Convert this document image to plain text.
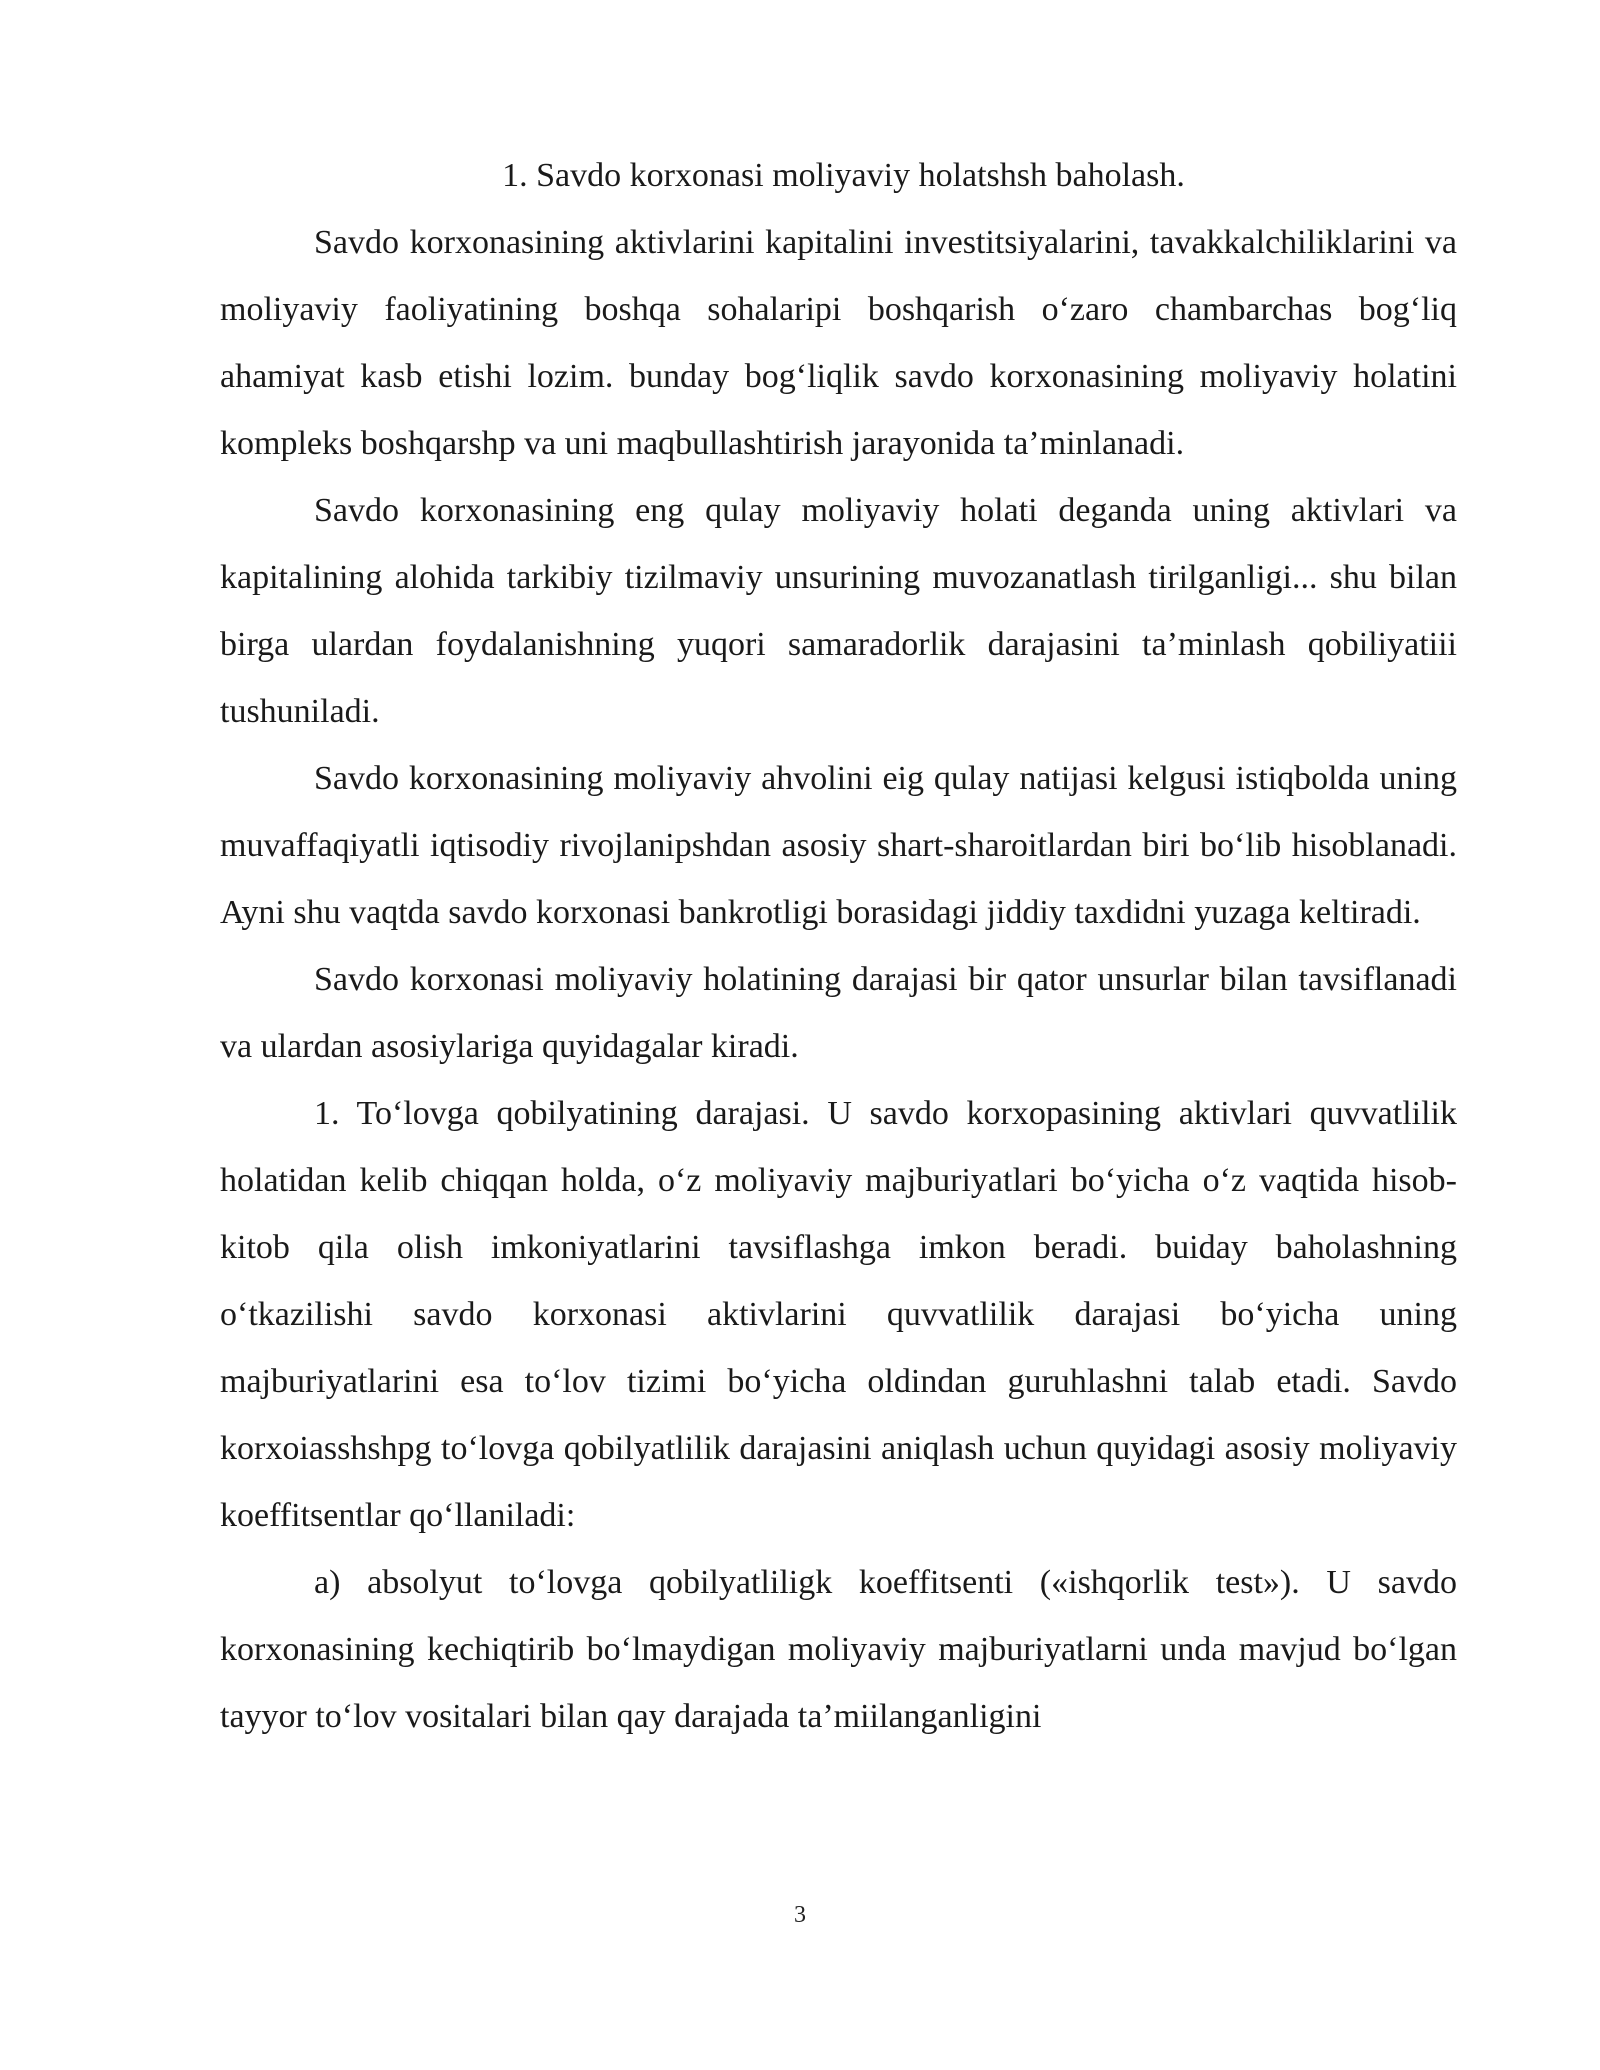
1. Savdo korxonasi moliyaviy holatshsh baholash.

Savdo korxonasining aktivlarini kapitalini investitsiyalarini, tavakkalchiliklarini va moliyaviy faoliyatining boshqa sohalaripi boshqarish o‘zaro chambarchas bog‘liq ahamiyat kasb etishi lozim. bunday bog‘liqlik savdo korxonasining moliyaviy holatini kompleks boshqarshp va uni maqbullashtirish jarayonida ta’minlanadi.

Savdo korxonasining eng qulay moliyaviy holati deganda uning aktivlari va kapitalining alohida tarkibiy tizilmaviy unsurining muvozanatlash tirilganligi... shu bilan birga ulardan foydalanishning yuqori samaradorlik darajasini ta’minlash qobiliyatiii tushuniladi.

Savdo korxonasining moliyaviy ahvolini eig qulay natijasi kelgusi istiqbolda uning muvaffaqiyatli iqtisodiy rivojlanipshdan asosiy shart-sharoitlardan biri bo‘lib hisoblanadi. Ayni shu vaqtda savdo korxonasi bankrotligi borasidagi jiddiy taxdidni yuzaga keltiradi.

Savdo korxonasi moliyaviy holatining darajasi bir qator unsurlar bilan tavsiflanadi va ulardan asosiylariga quyidagalar kiradi.

1. To‘lovga qobilyatining darajasi. U savdo korxopasining aktivlari quvvatlilik holatidan kelib chiqqan holda, o‘z moliyaviy majburiyatlari bo‘yicha o‘z vaqtida hisob-kitob qila olish imkoniyatlarini tavsiflashga imkon beradi. buiday baholashning o‘tkazilishi savdo korxonasi aktivlarini quvvatlilik darajasi bo‘yicha uning majburiyatlarini esa to‘lov tizimi bo‘yicha oldindan guruhlashni talab etadi. Savdo korxoiasshshpg to‘lovga qobilyatlilik darajasini aniqlash uchun quyidagi asosiy moliyaviy koeffitsentlar qo‘llaniladi:

a) absolyut to‘lovga qobilyatliligk koeffitsenti («ishqorlik test»). U savdo korxonasining kechiqtirib bo‘lmaydigan moliyaviy majburiyatlarni unda mavjud bo‘lgan tayyor to‘lov vositalari bilan qay darajada ta’miilanganligini

3
